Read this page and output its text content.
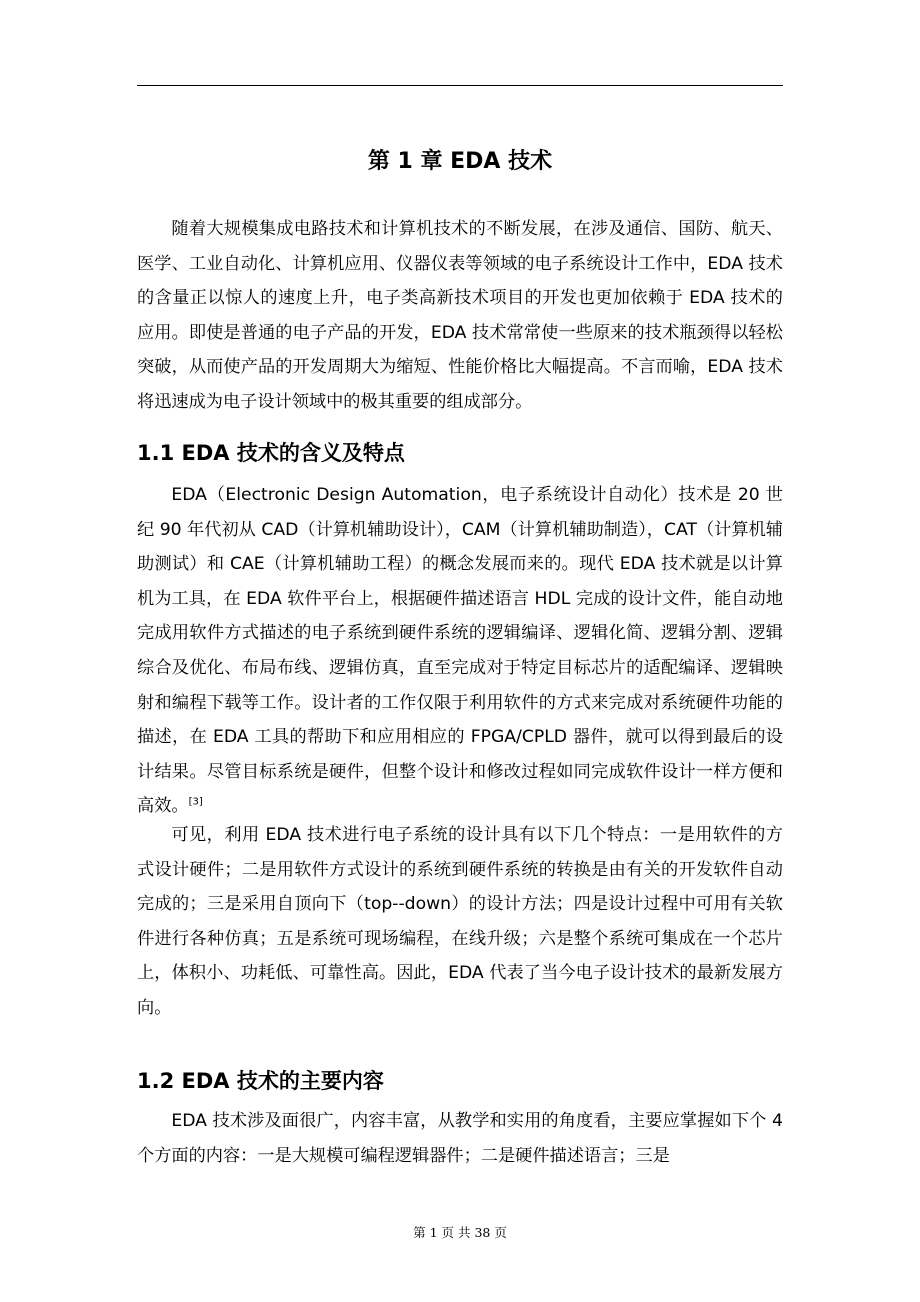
第 1 章 EDA 技术

随着大规模集成电路技术和计算机技术的不断发展，在涉及通信、国防、航天、医学、工业自动化、计算机应用、仪器仪表等领域的电子系统设计工作中，EDA 技术的含量正以惊人的速度上升，电子类高新技术项目的开发也更加依赖于 EDA 技术的应用。即使是普通的电子产品的开发，EDA 技术常常使一些原来的技术瓶颈得以轻松突破，从而使产品的开发周期大为缩短、性能价格比大幅提高。不言而喻，EDA 技术将迅速成为电子设计领域中的极其重要的组成部分。

1.1 EDA 技术的含义及特点

EDA（Electronic Design Automation，电子系统设计自动化）技术是 20 世纪 90 年代初从 CAD（计算机辅助设计），CAM（计算机辅助制造），CAT（计算机辅助测试）和 CAE（计算机辅助工程）的概念发展而来的。现代 EDA 技术就是以计算机为工具，在 EDA 软件平台上，根据硬件描述语言 HDL 完成的设计文件，能自动地完成用软件方式描述的电子系统到硬件系统的逻辑编译、逻辑化简、逻辑分割、逻辑综合及优化、布局布线、逻辑仿真，直至完成对于特定目标芯片的适配编译、逻辑映射和编程下载等工作。设计者的工作仅限于利用软件的方式来完成对系统硬件功能的描述，在 EDA 工具的帮助下和应用相应的 FPGA/CPLD 器件，就可以得到最后的设计结果。尽管目标系统是硬件，但整个设计和修改过程如同完成软件设计一样方便和高效。[3]

可见，利用 EDA 技术进行电子系统的设计具有以下几个特点：一是用软件的方式设计硬件；二是用软件方式设计的系统到硬件系统的转换是由有关的开发软件自动完成的；三是采用自顶向下（top--down）的设计方法；四是设计过程中可用有关软件进行各种仿真；五是系统可现场编程，在线升级；六是整个系统可集成在一个芯片上，体积小、功耗低、可靠性高。因此，EDA 代表了当今电子设计技术的最新发展方向。

1.2 EDA 技术的主要内容

EDA 技术涉及面很广，内容丰富，从教学和实用的角度看，主要应掌握如下个 4 个方面的内容：一是大规模可编程逻辑器件；二是硬件描述语言；三是

第 1 页 共 38 页
